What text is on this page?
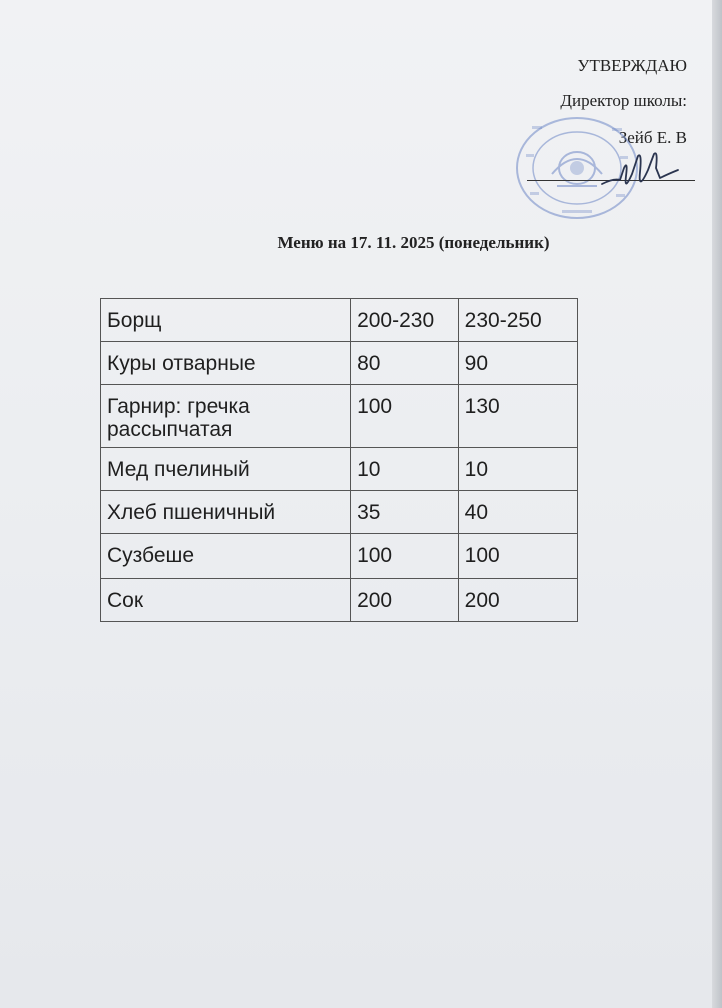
УТВЕРЖДАЮ
Директор школы:
Зейб Е. В
Меню на 17. 11. 2025 (понедельник)
Борщ	200-230	230-250
Куры отварные	80	90
Гарнир: гречка рассыпчатая	100	130
Мед пчелиный	10	10
Хлеб пшеничный	35	40
Сузбеше	100	100
Сок	200	200
